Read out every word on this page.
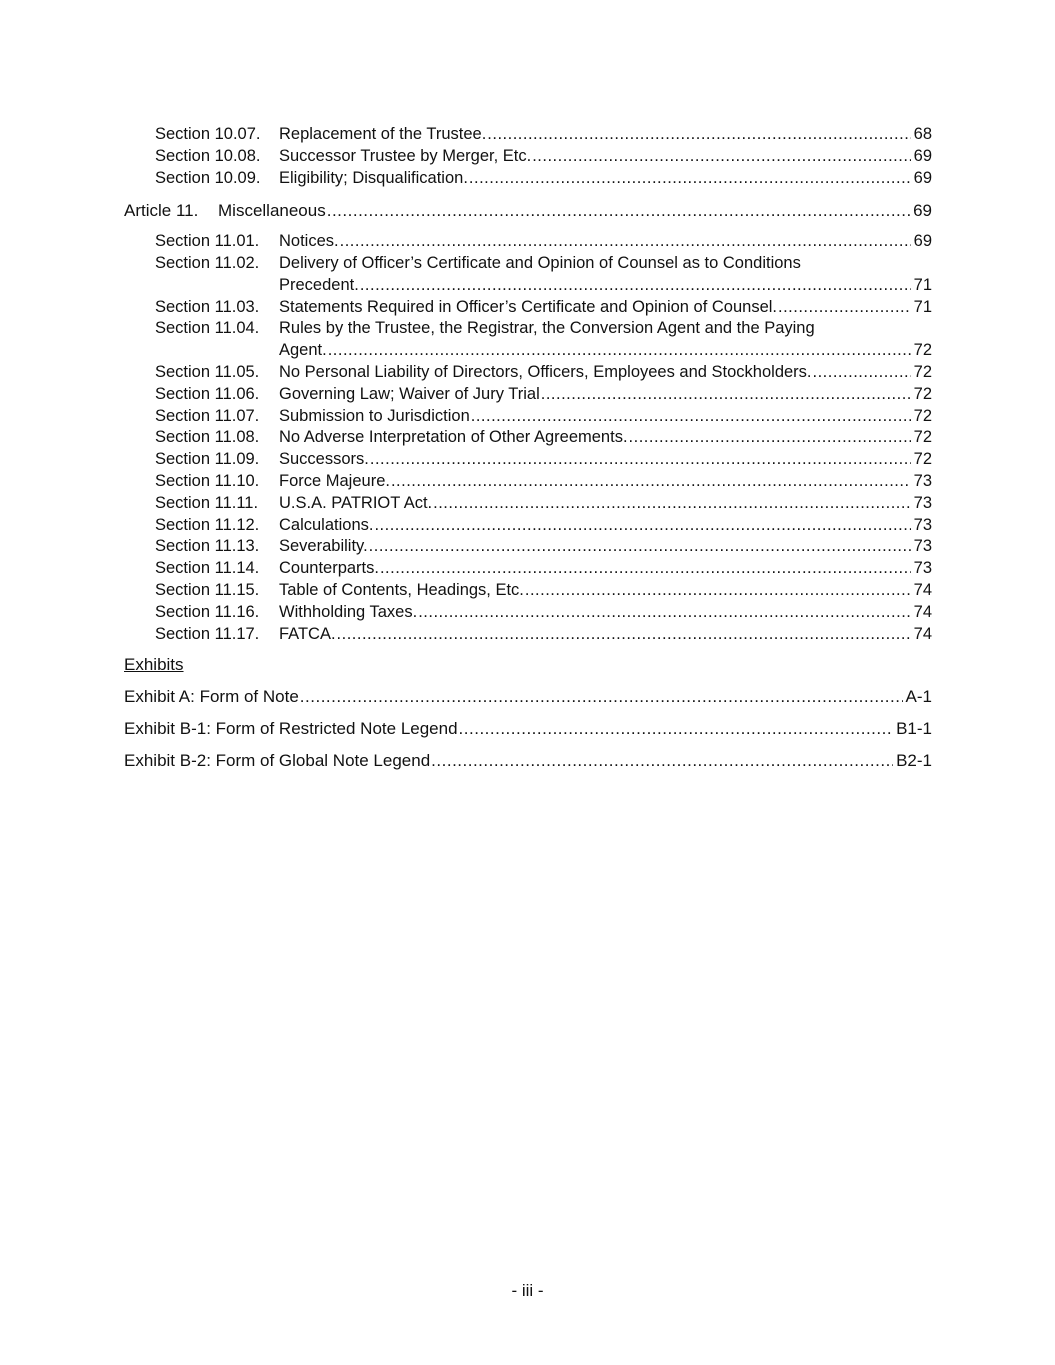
Section 10.07.	Replacement of the Trustee. .....	68
Section 10.08.	Successor Trustee by Merger, Etc. .....	69
Section 10.09.	Eligibility; Disqualification. .....	69
Article 11.	Miscellaneous .....	69
Section 11.01.	Notices. .....	69
Section 11.02.	Delivery of Officer’s Certificate and Opinion of Counsel as to Conditions
Precedent. .....	71
Section 11.03.	Statements Required in Officer’s Certificate and Opinion of Counsel. .....	71
Section 11.04.	Rules by the Trustee, the Registrar, the Conversion Agent and the Paying
Agent. .....	72
Section 11.05.	No Personal Liability of Directors, Officers, Employees and Stockholders. .....	72
Section 11.06.	Governing Law; Waiver of Jury Trial .....	72
Section 11.07.	Submission to Jurisdiction .....	72
Section 11.08.	No Adverse Interpretation of Other Agreements. .....	72
Section 11.09.	Successors. .....	72
Section 11.10.	Force Majeure. .....	73
Section 11.11.	U.S.A. PATRIOT Act. .....	73
Section 11.12.	Calculations. .....	73
Section 11.13.	Severability. .....	73
Section 11.14.	Counterparts. .....	73
Section 11.15.	Table of Contents, Headings, Etc. .....	74
Section 11.16.	Withholding Taxes. .....	74
Section 11.17.	FATCA. .....	74
Exhibits
Exhibit A: Form of Note .....	A-1
Exhibit B-1: Form of Restricted Note Legend .....	B1-1
Exhibit B-2: Form of Global Note Legend .....	B2-1
- iii -
